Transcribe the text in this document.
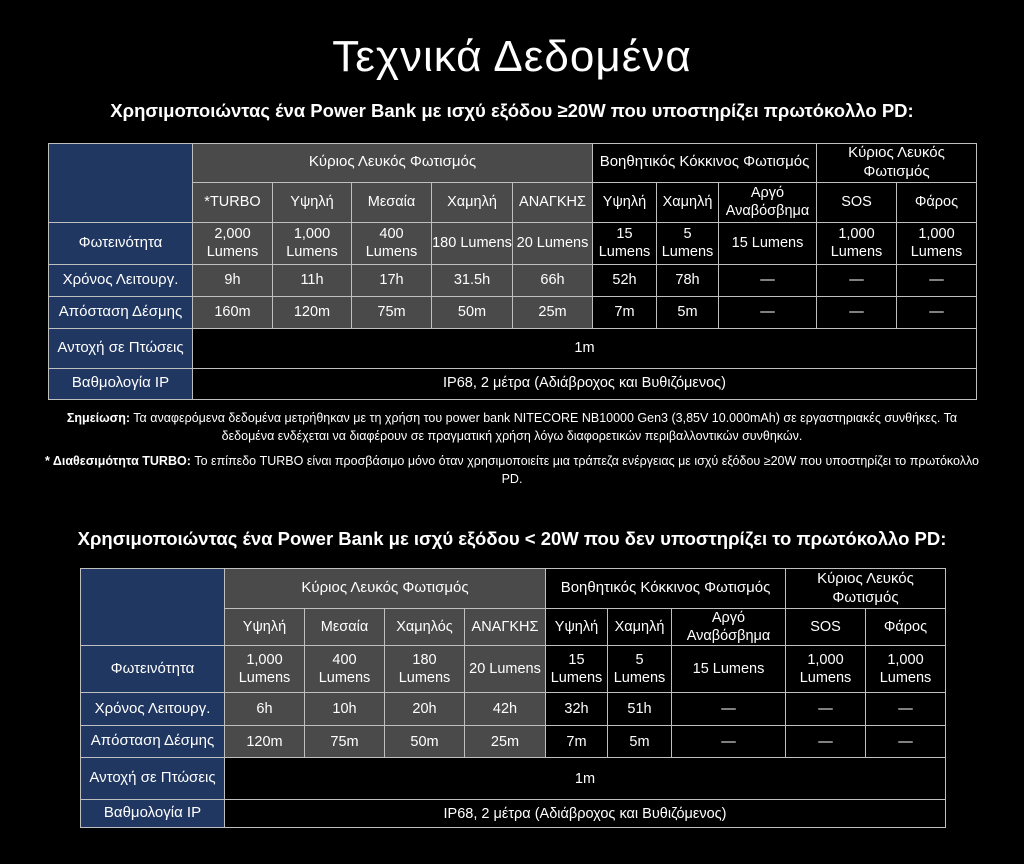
Τεχνικά Δεδομένα
Χρησιμοποιώντας ένα Power Bank με ισχύ εξόδου ≥20W που υποστηρίζει πρωτόκολλο PD:
	Κύριος Λευκός Φωτισμός					Βοηθητικός Κόκκινος Φωτισμός			Κύριος Λευκός Φωτισμός	
	*TURBO	Υψηλή	Μεσαία	Χαμηλή	ΑΝΑΓΚΗΣ	Υψηλή	Χαμηλή	Αργό Αναβόσβημα	SOS	Φάρος
Φωτεινότητα	2,000 Lumens	1,000 Lumens	400 Lumens	180 Lumens	20 Lumens	15 Lumens	5 Lumens	15 Lumens	1,000 Lumens	1,000 Lumens
Χρόνος Λειτουργ.	9h	11h	17h	31.5h	66h	52h	78h	—	—	—
Απόσταση Δέσμης	160m	120m	75m	50m	25m	7m	5m	—	—	—
Αντοχή σε Πτώσεις	1m									
Βαθμολογία IP	IP68, 2 μέτρα (Αδιάβροχος και Βυθιζόμενος)									
Σημείωση: Τα αναφερόμενα δεδομένα μετρήθηκαν με τη χρήση του power bank NITECORE NB10000 Gen3 (3,85V 10.000mAh) σε εργαστηριακές συνθήκες. Τα δεδομένα ενδέχεται να διαφέρουν σε πραγματική χρήση λόγω διαφορετικών περιβαλλοντικών συνθηκών.
* Διαθεσιμότητα TURBO: Το επίπεδο TURBO είναι προσβάσιμο μόνο όταν χρησιμοποιείτε μια τράπεζα ενέργειας με ισχύ εξόδου ≥20W που υποστηρίζει το πρωτόκολλο PD.
Χρησιμοποιώντας ένα Power Bank με ισχύ εξόδου < 20W που δεν υποστηρίζει το πρωτόκολλο PD:
	Κύριος Λευκός Φωτισμός				Βοηθητικός Κόκκινος Φωτισμός			Κύριος Λευκός Φωτισμός	
	Υψηλή	Μεσαία	Χαμηλός	ΑΝΑΓΚΗΣ	Υψηλή	Χαμηλή	Αργό Αναβόσβημα	SOS	Φάρος
Φωτεινότητα	1,000 Lumens	400 Lumens	180 Lumens	20 Lumens	15 Lumens	5 Lumens	15 Lumens	1,000 Lumens	1,000 Lumens
Χρόνος Λειτουργ.	6h	10h	20h	42h	32h	51h	—	—	—
Απόσταση Δέσμης	120m	75m	50m	25m	7m	5m	—	—	—
Αντοχή σε Πτώσεις	1m								
Βαθμολογία IP	IP68, 2 μέτρα (Αδιάβροχος και Βυθιζόμενος)								
